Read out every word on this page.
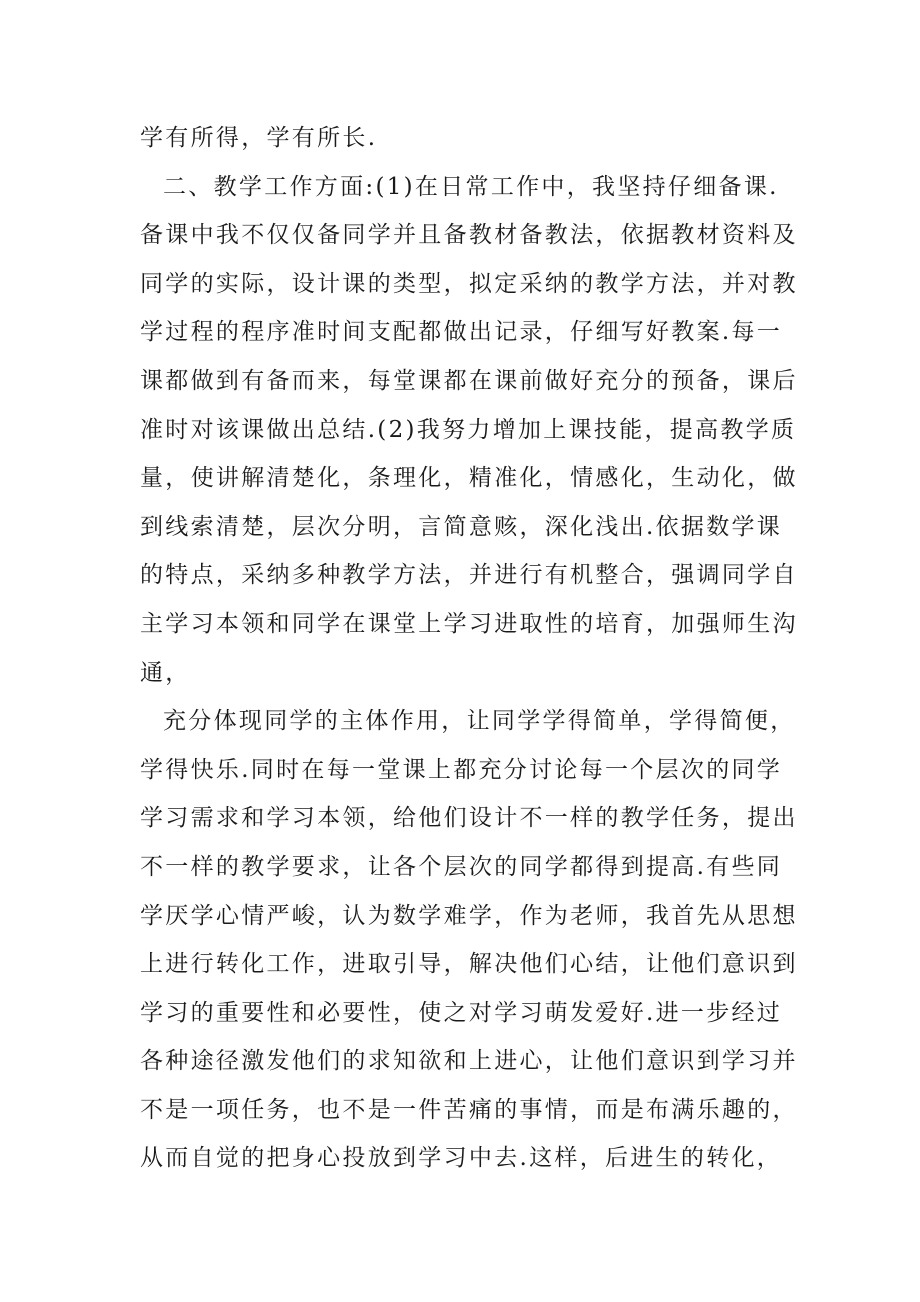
学有所得，学有所长.
二、教学工作方面:(1)在日常工作中，我坚持仔细备课.
备课中我不仅仅备同学并且备教材备教法，依据教材资料及
同学的实际，设计课的类型，拟定采纳的教学方法，并对教
学过程的程序准时间支配都做出记录，仔细写好教案.每一
课都做到有备而来，每堂课都在课前做好充分的预备，课后
准时对该课做出总结.(2)我努力增加上课技能，提高教学质
量，使讲解清楚化，条理化，精准化，情感化，生动化，做
到线索清楚，层次分明，言简意赅，深化浅出.依据数学课
的特点，采纳多种教学方法，并进行有机整合，强调同学自
主学习本领和同学在课堂上学习进取性的培育，加强师生沟
通，
充分体现同学的主体作用，让同学学得简单，学得简便，
学得快乐.同时在每一堂课上都充分讨论每一个层次的同学
学习需求和学习本领，给他们设计不一样的教学任务，提出
不一样的教学要求，让各个层次的同学都得到提高.有些同
学厌学心情严峻，认为数学难学，作为老师，我首先从思想
上进行转化工作，进取引导，解决他们心结，让他们意识到
学习的重要性和必要性，使之对学习萌发爱好.进一步经过
各种途径激发他们的求知欲和上进心，让他们意识到学习并
不是一项任务，也不是一件苦痛的事情，而是布满乐趣的，
从而自觉的把身心投放到学习中去.这样，后进生的转化，
